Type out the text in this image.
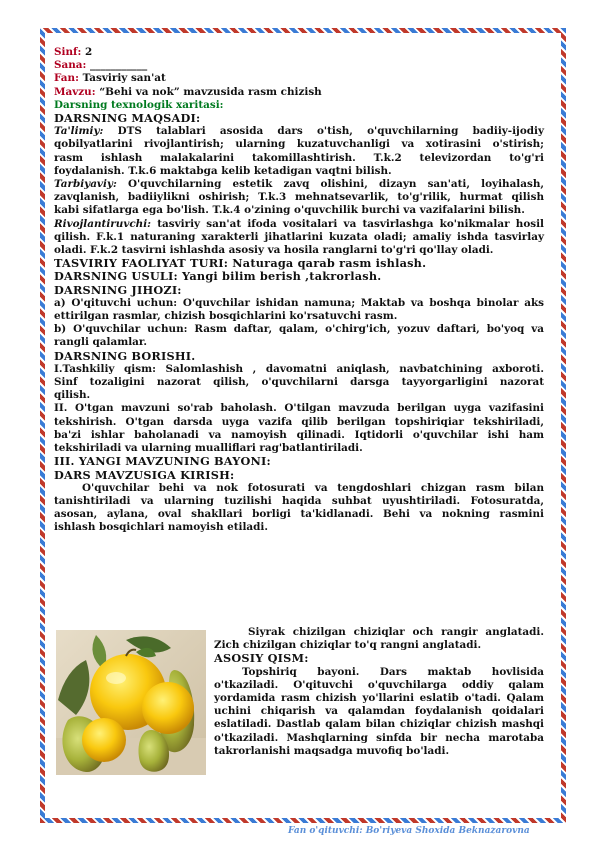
Sinf: 2
Sana: ___________
Fan: Tasviriy san'at
Mavzu: “Behi va nok” mavzusida rasm chizish
Darsning texnologik xaritasi:
DARSNING MAQSADI:
Ta'limiy: DTS talablari asosida dars o'tish, o'quvchilarning badiiy-ijodiy
qobilyatlarini rivojlantirish; ularning kuzatuvchanligi va xotirasini o'stirish;
rasm ishlash malakalarini takomillashtirish. T.k.2 televizordan to'g'ri
foydalanish. T.k.6 maktabga kelib ketadigan vaqtni bilish.
Tarbiyaviy: O'quvchilarning estetik zavq olishini, dizayn san'ati, loyihalash,
zavqlanish, badiiylikni oshirish; T.k.3 mehnatsevarlik, to'g'rilik, hurmat qilish
kabi sifatlarga ega bo'lish. T.k.4 o'zining o'quvchilik burchi va vazifalarini bilish.
Rivojlantiruvchi: tasviriy san'at ifoda vositalari va tasvirlashga ko'nikmalar hosil
qilish. F.k.1 naturaning xarakterli jihatlarini kuzata oladi; amaliy ishda tasvirlay
oladi. F.k.2 tasvirni ishlashda asosiy va hosila ranglarni to'g'ri qo'llay oladi.
TASVIRIY FAOLIYAT TURI: Naturaga qarab rasm ishlash.
DARSNING USULI: Yangi bilim berish ,takrorlash.
DARSNING JIHOZI:
a) O'qituvchi uchun: O'quvchilar ishidan namuna; Maktab va boshqa binolar aks
ettirilgan rasmlar, chizish bosqichlarini ko'rsatuvchi rasm.
b) O'quvchilar uchun: Rasm daftar, qalam, o'chirg'ich, yozuv daftari, bo'yoq va
rangli qalamlar.
DARSNING BORISHI.
I.Tashkiliy qism: Salomlashish , davomatni aniqlash, navbatchining axboroti.
Sinf tozaligini nazorat qilish, o'quvchilarni darsga tayyorgarligini nazorat
qilish.
II. O'tgan mavzuni so'rab baholash. O'tilgan mavzuda berilgan uyga vazifasini
tekshirish. O'tgan darsda uyga vazifa qilib berilgan topshiriqiar tekshiriladi,
ba'zi ishlar baholanadi va namoyish qilinadi. Iqtidorli o'quvchilar ishi ham
tekshiriladi va ularning mualliflari rag'batlantiriladi.
III. YANGI MAVZUNING BAYONI:
DARS MAVZUSIGA KIRISH:
O'quvchilar behi va nok fotosurati va tengdoshlari chizgan rasm bilan
tanishtiriladi va ularning tuzilishi haqida suhbat uyushtiriladi. Fotosuratda,
asosan, aylana, oval shakllari borligi ta'kidlanadi. Behi va nokning rasmini
ishlash bosqichlari namoyish etiladi.
Siyrak chizilgan chiziqlar och rangir anglatadi.
Zich chizilgan chiziqlar to'q rangni anglatadi.
ASOSIY QISM:
Topshiriq bayoni. Dars maktab hovlisida
o'tkaziladi. O'qituvchi o'quvchilarga oddiy qalam
yordamida rasm chizish yo'llarini eslatib o'tadi. Qalam
uchini chiqarish va qalamdan foydalanish qoidalari
eslatiladi. Dastlab qalam bilan chiziqlar chizish mashqi
o'tkaziladi. Mashqlarning sinfda bir necha marotaba
takrorlanishi maqsadga muvofiq bo'ladi.
Fan o'qituvchi: Bo'riyeva Shoxida Beknazarovna
